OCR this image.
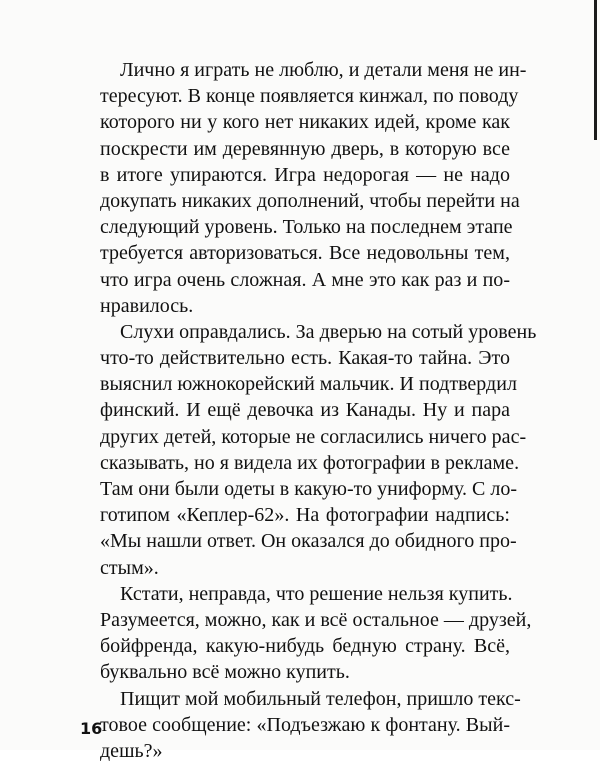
Лично я играть не люблю, и детали меня не ин-
тересуют. В конце появляется кинжал, по поводу
которого ни у кого нет никаких идей, кроме как
поскрести им деревянную дверь, в которую все
в итоге упираются. Игра недорогая — не надо
докупать никаких дополнений, чтобы перейти на
следующий уровень. Только на последнем этапе
требуется авторизоваться. Все недовольны тем,
что игра очень сложная. А мне это как раз и по-
нравилось.
Слухи оправдались. За дверью на сотый уровень
что-то действительно есть. Какая-то тайна. Это
выяснил южнокорейский мальчик. И подтвердил
финский. И ещё девочка из Канады. Ну и пара
других детей, которые не согласились ничего рас-
сказывать, но я видела их фотографии в рекламе.
Там они были одеты в какую-то униформу. С ло-
готипом «Кеплер-62». На фотографии надпись:
«Мы нашли ответ. Он оказался до обидного про-
стым».
Кстати, неправда, что решение нельзя купить.
Разумеется, можно, как и всё остальное — друзей,
бойфренда, какую-нибудь бедную страну. Всё,
буквально всё можно купить.
Пищит мой мобильный телефон, пришло текс-
товое сообщение: «Подъезжаю к фонтану. Вый-
дешь?»
16
